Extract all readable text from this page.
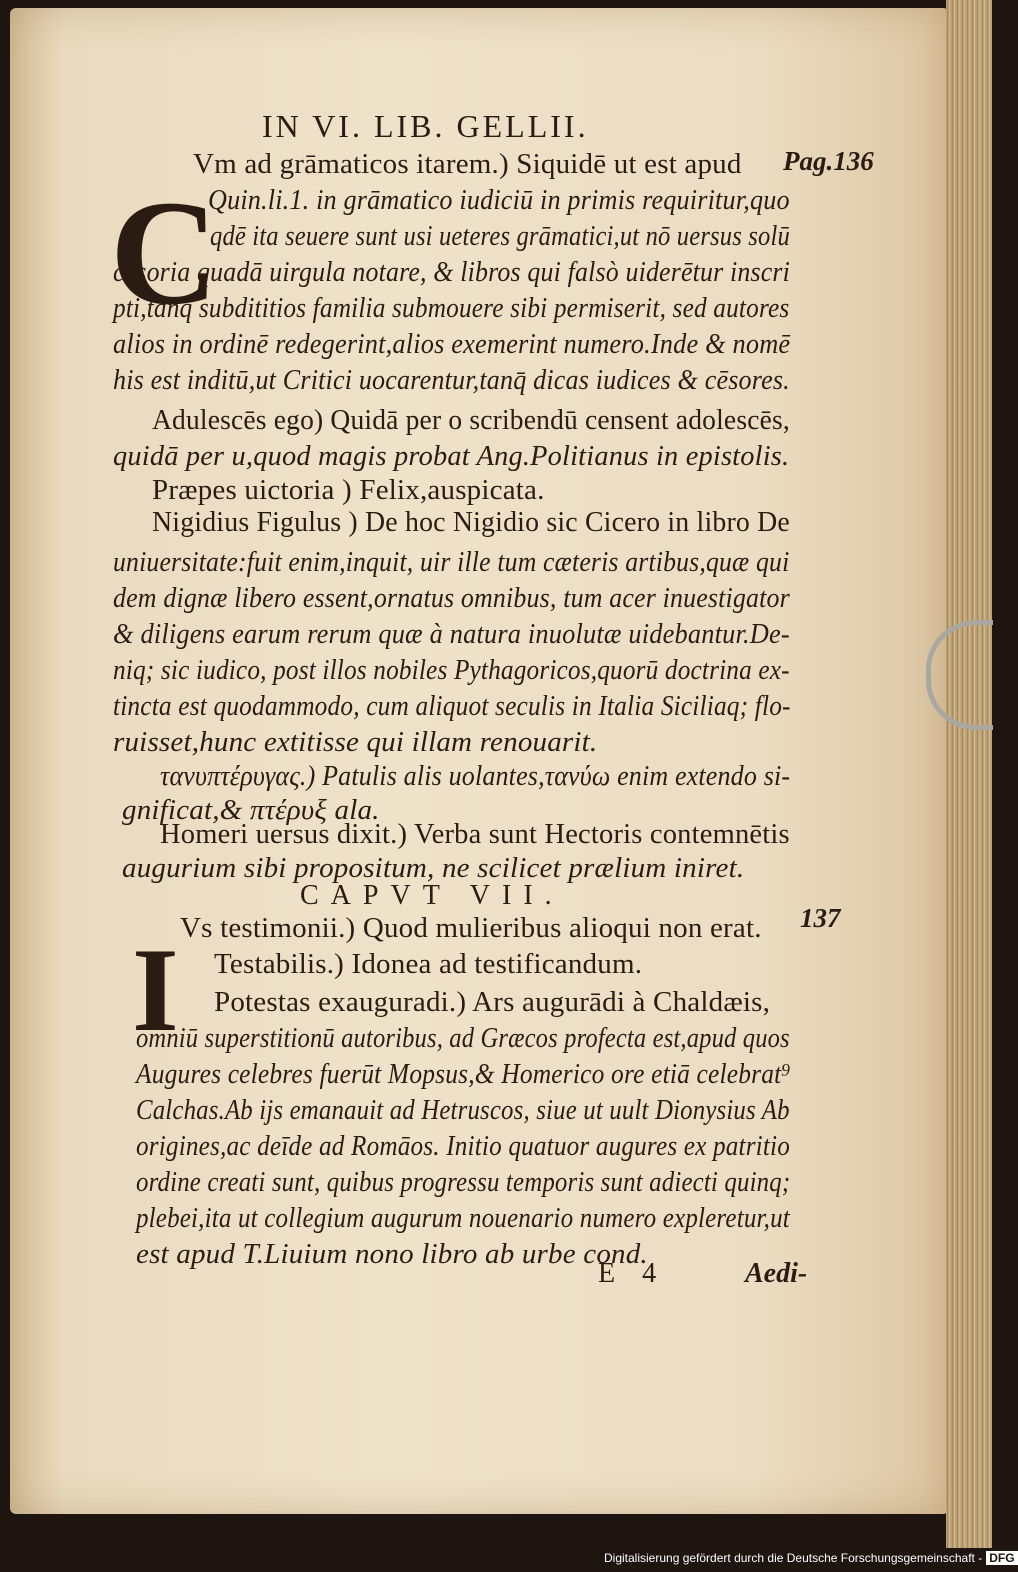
IN VI. LIB. GELLII.
Pag.136
137
C
I
Vm ad grāmaticos itarem.) Siquidē ut est apud
Quin.li.1. in grāmatico iudiciū in primis requiritur,quo
qdē ita seuere sunt usi ueteres grāmatici,ut nō uersus solū
cēsoria quadā uirgula notare, & libros qui falsò uiderētur inscri
pti,tanq̄ subdititios familia submouere sibi permiserit, sed autores
alios in ordinē redegerint,alios exemerint numero.Inde & nomē
his est inditū,ut Critici uocarentur,tanq̄ dicas iudices & cēsores.
Adulescēs ego) Quidā per o scribendū censent adolescēs,
quidā per u,quod magis probat Ang.Politianus in epistolis.
Præpes uictoria ) Felix,auspicata.
Nigidius Figulus ) De hoc Nigidio sic Cicero in libro De
uniuersitate:fuit enim,inquit, uir ille tum cæteris artibus,quæ qui
dem dignæ libero essent,ornatus omnibus, tum acer inuestigator
& diligens earum rerum quæ à natura inuolutæ uidebantur.De-
niq; sic iudico, post illos nobiles Pythagoricos,quorū doctrina ex-
tincta est quodammodo, cum aliquot seculis in Italia Siciliaq; flo-
ruisset,hunc extitisse qui illam renouarit.
τανυπτέρυγας.) Patulis alis uolantes,τανύω enim extendo si-
gnificat,& πτέρυξ ala.
Homeri uersus dixit.) Verba sunt Hectoris contemnētis
augurium sibi propositum, ne scilicet prælium iniret.
CAPVT VII.
Vs testimonii.) Quod mulieribus alioqui non erat.
Testabilis.) Idonea ad testificandum.
Potestas exauguradi.) Ars augurādi à Chaldæis,
omniū superstitionū autoribus, ad Græcos profecta est,apud quos
Augures celebres fuerūt Mopsus,& Homerico ore etiā celebrat⁹
Calchas.Ab ijs emanauit ad Hetruscos, siue ut uult Dionysius Ab
origines,ac deīde ad Romāos. Initio quatuor augures ex patritio
ordine creati sunt, quibus progressu temporis sunt adiecti quinq;
plebei,ita ut collegium augurum nouenario numero expleretur,ut
est apud T.Liuium nono libro ab urbe cond.
E 4	Aedi-
Digitalisierung gefördert durch die Deutsche Forschungsgemeinschaft - DFG
